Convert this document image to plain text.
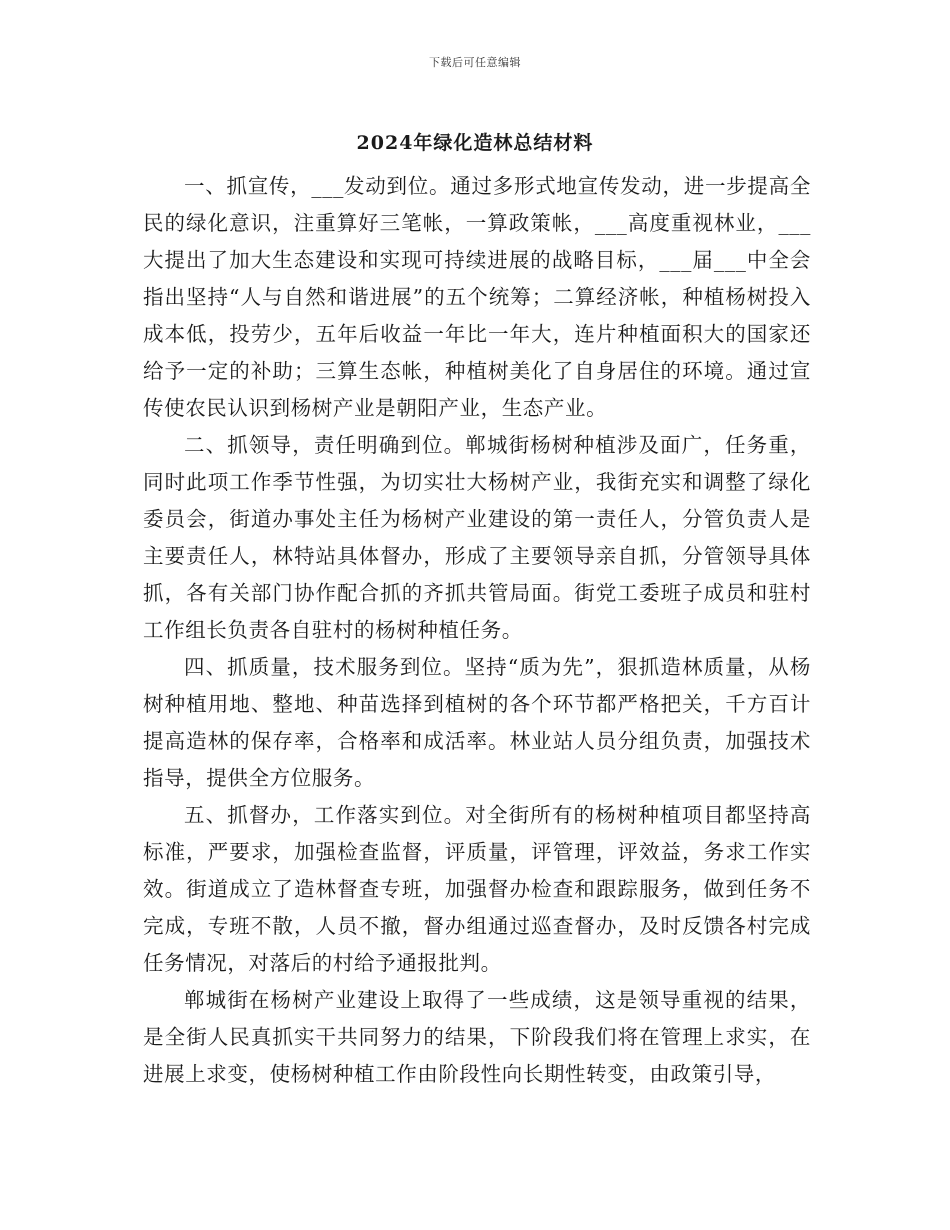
下载后可任意编辑
2024年绿化造林总结材料

一、抓宣传，___发动到位。通过多形式地宣传发动，进一步提高全民的绿化意识，注重算好三笔帐，一算政策帐，___高度重视林业，___大提出了加大生态建设和实现可持续进展的战略目标，___届___中全会指出坚持“人与自然和谐进展”的五个统筹；二算经济帐，种植杨树投入成本低，投劳少，五年后收益一年比一年大，连片种植面积大的国家还给予一定的补助；三算生态帐，种植树美化了自身居住的环境。通过宣传使农民认识到杨树产业是朝阳产业，生态产业。

二、抓领导，责任明确到位。郸城街杨树种植涉及面广，任务重，同时此项工作季节性强，为切实壮大杨树产业，我街充实和调整了绿化委员会，街道办事处主任为杨树产业建设的第一责任人，分管负责人是主要责任人，林特站具体督办，形成了主要领导亲自抓，分管领导具体抓，各有关部门协作配合抓的齐抓共管局面。街党工委班子成员和驻村工作组长负责各自驻村的杨树种植任务。

四、抓质量，技术服务到位。坚持“质为先”，狠抓造林质量，从杨树种植用地、整地、种苗选择到植树的各个环节都严格把关，千方百计提高造林的保存率，合格率和成活率。林业站人员分组负责，加强技术指导，提供全方位服务。

五、抓督办，工作落实到位。对全街所有的杨树种植项目都坚持高标准，严要求，加强检查监督，评质量，评管理，评效益，务求工作实效。街道成立了造林督查专班，加强督办检查和跟踪服务，做到任务不完成，专班不散，人员不撤，督办组通过巡查督办，及时反馈各村完成任务情况，对落后的村给予通报批判。

郸城街在杨树产业建设上取得了一些成绩，这是领导重视的结果，是全街人民真抓实干共同努力的结果，下阶段我们将在管理上求实，在进展上求变，使杨树种植工作由阶段性向长期性转变，由政策引导，
